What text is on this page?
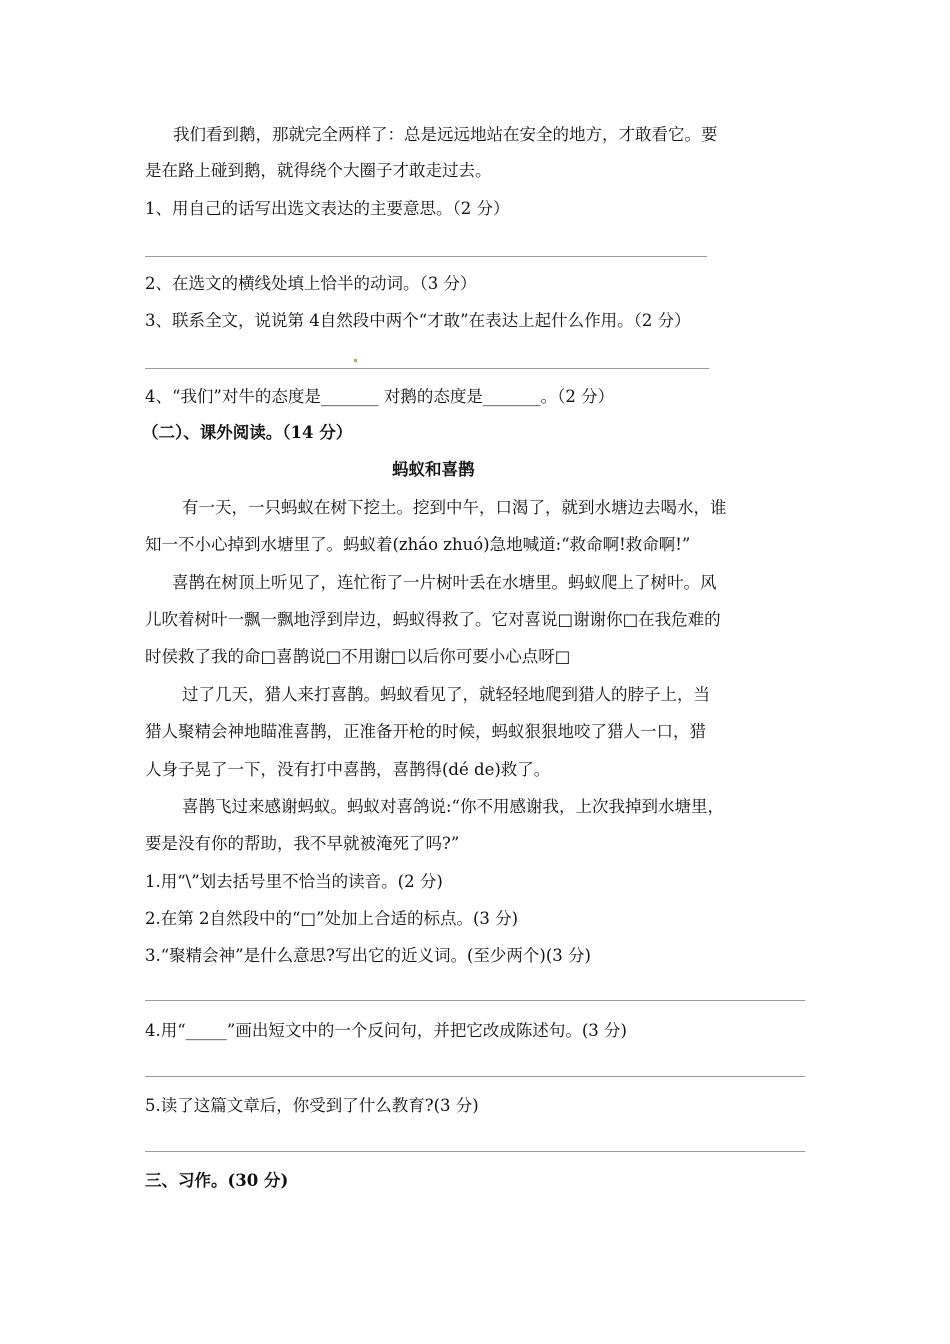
我们看到鹅，那就完全两样了：总是远远地站在安全的地方，才敢看它。要
是在路上碰到鹅，就得绕个大圈子才敢走过去。
1、用自己的话写出选文表达的主要意思。（2 分）
2、在选文的横线处填上恰半的动词。（3 分）
3、联系全文，说说第 4自然段中两个“才敢”在表达上起什么作用。（2 分）
4、“我们”对牛的态度是_______ 对鹅的态度是_______。（2 分）
（二）、课外阅读。（14 分）
蚂蚁和喜鹊
有一天，一只蚂蚁在树下挖土。挖到中午，口渴了，就到水塘边去喝水，谁
知一不小心掉到水塘里了。蚂蚁着(zháo zhuó)急地喊道:“救命啊!救命啊!”
喜鹊在树顶上听见了，连忙衔了一片树叶丢在水塘里。蚂蚁爬上了树叶。风
儿吹着树叶一飘一飘地浮到岸边，蚂蚁得救了。它对喜说□谢谢你□在我危难的
时侯救了我的命□喜鹊说□不用谢□以后你可要小心点呀□
过了几天，猎人来打喜鹊。蚂蚁看见了，就轻轻地爬到猎人的脖子上，当
猎人聚精会神地瞄准喜鹊，正准备开枪的时候，蚂蚁狠狠地咬了猎人一口，猎
人身子晃了一下，没有打中喜鹊，喜鹊得(dé de)救了。
喜鹊飞过来感谢蚂蚁。蚂蚁对喜鸽说:“你不用感谢我，上次我掉到水塘里，
要是没有你的帮助，我不早就被淹死了吗?”
1.用“\”划去括号里不恰当的读音。(2 分)
2.在第 2自然段中的“□”处加上合适的标点。(3 分)
3.“聚精会神”是什么意思?写出它的近义词。(至少两个)(3 分)
4.用“_____”画出短文中的一个反问句，并把它改成陈述句。(3 分)
5.读了这篇文章后，你受到了什么教育?(3 分)
三、习作。(30 分)
